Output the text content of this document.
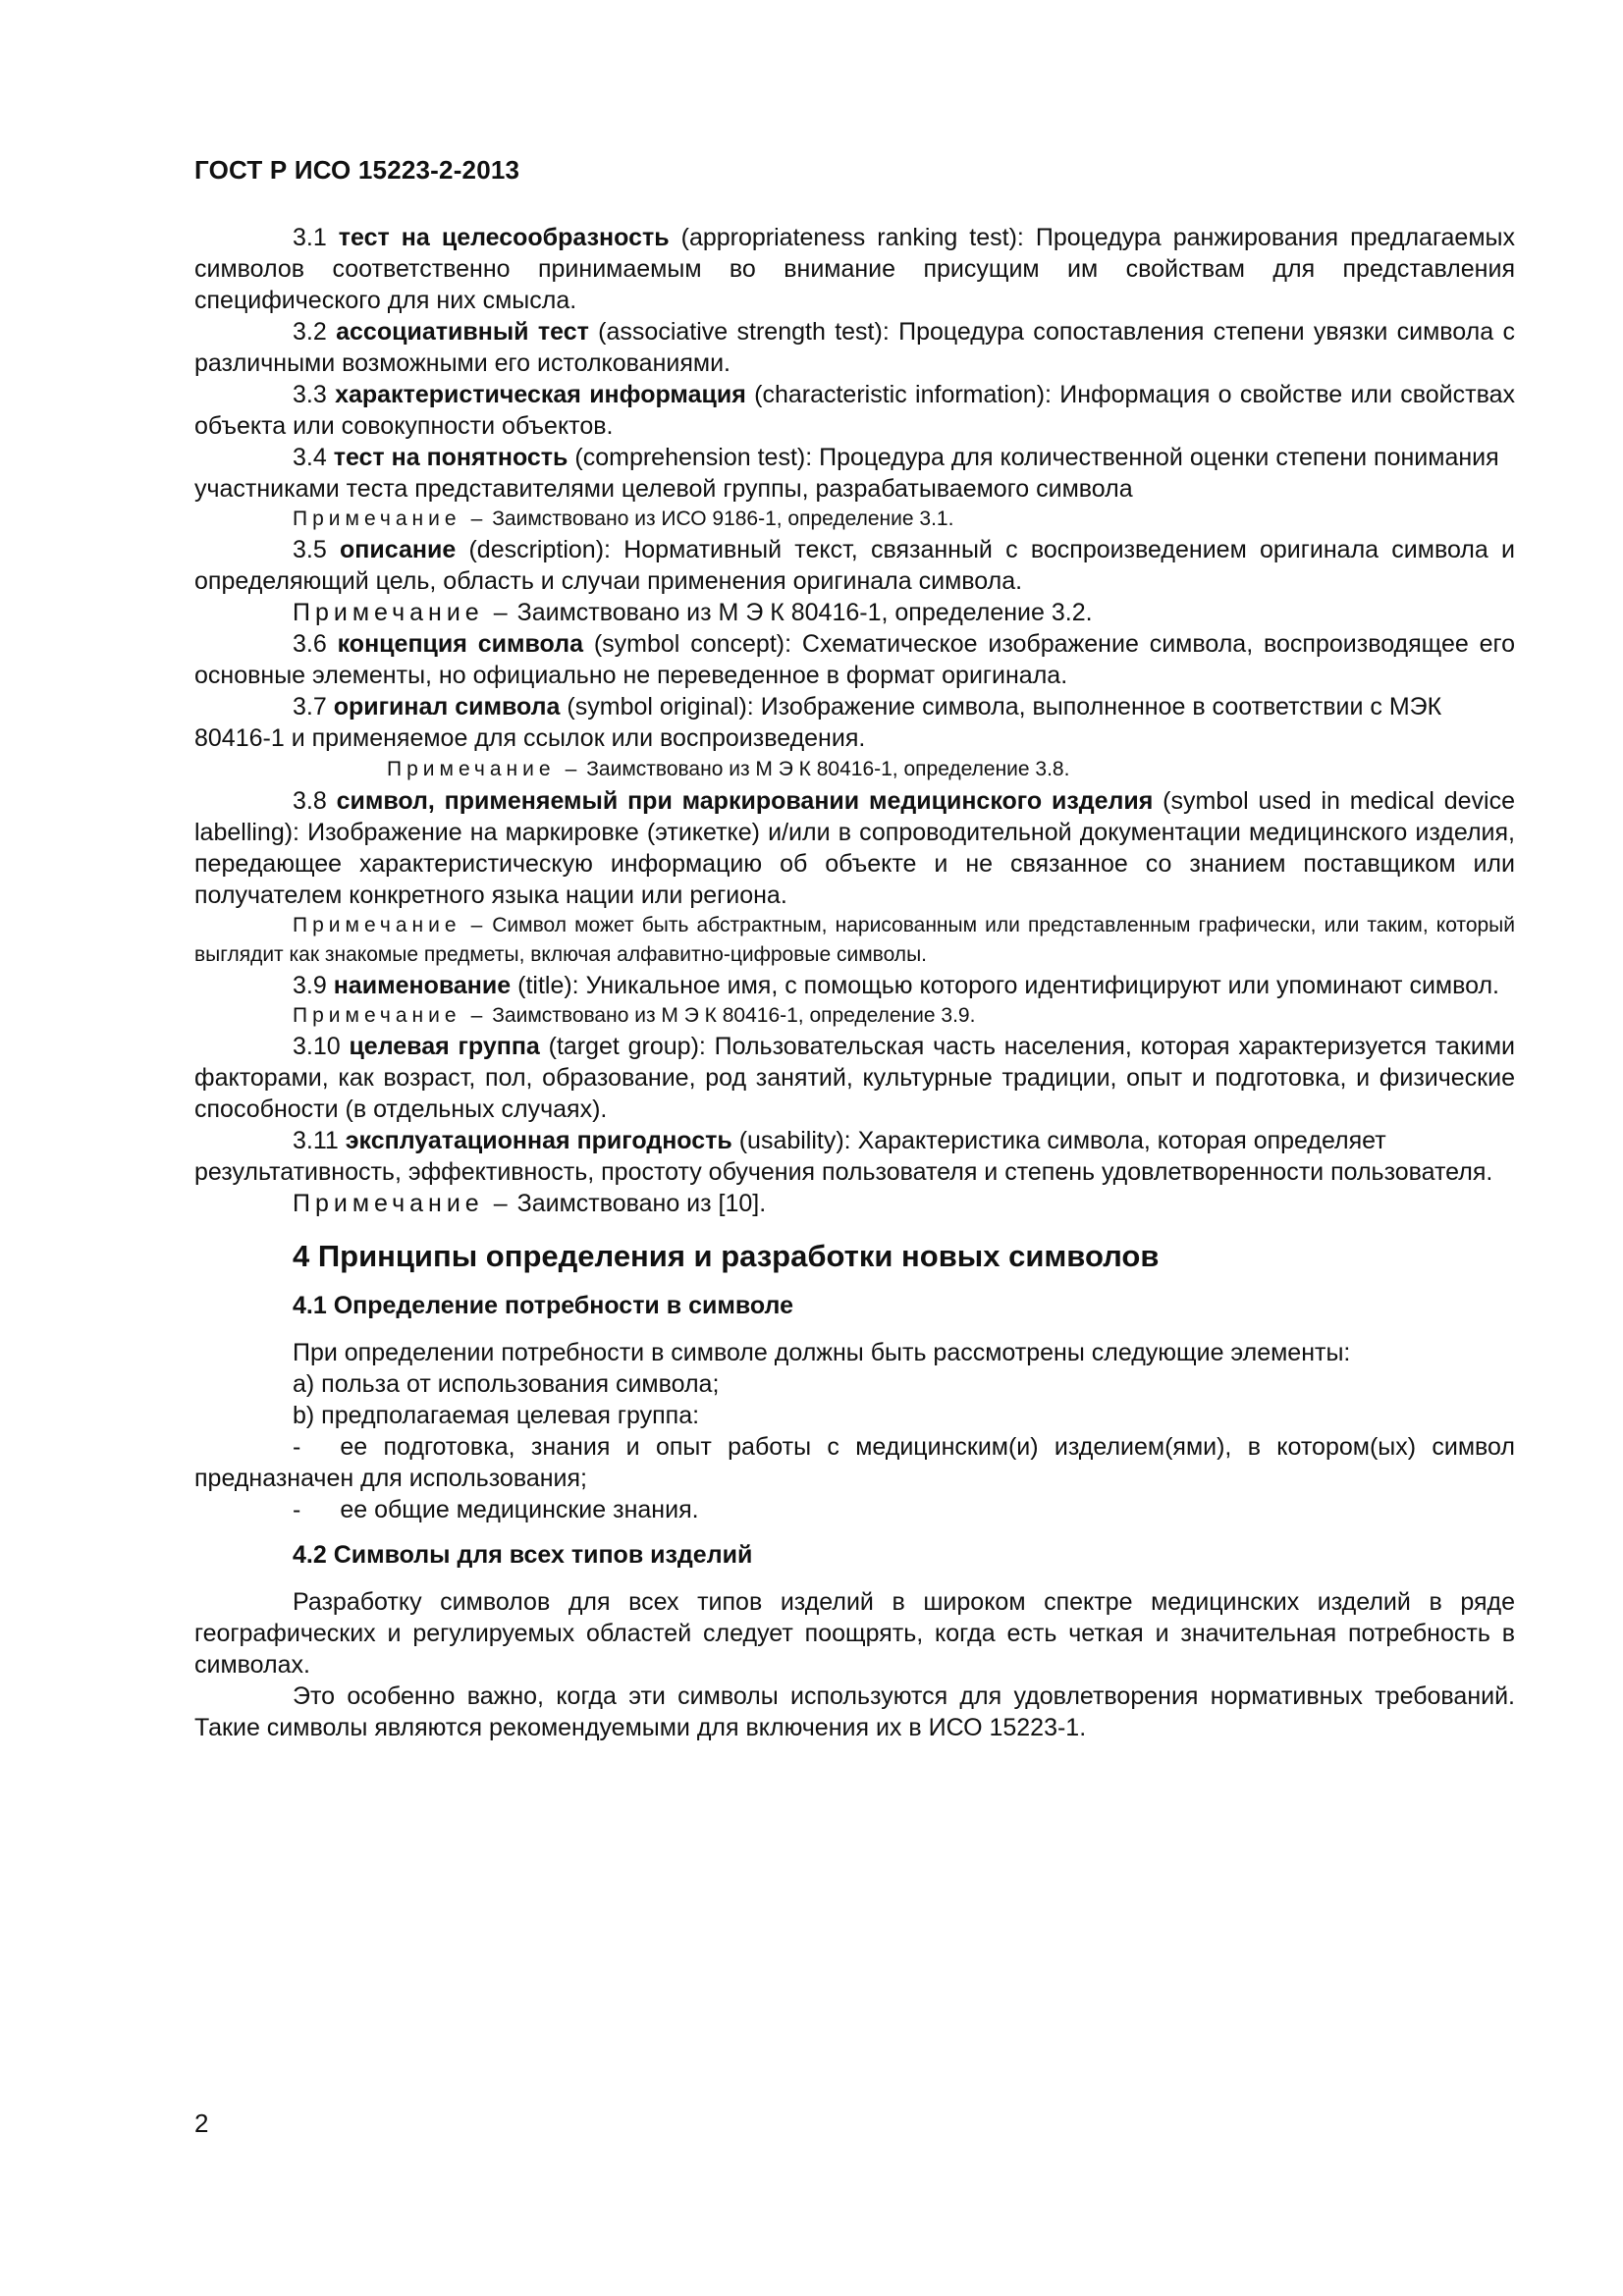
ГОСТ Р ИСО 15223-2-2013

3.1 тест на целесообразность (appropriateness ranking test): Процедура ранжирования предлагаемых символов соответственно принимаемым во внимание присущим им свойствам для представления специфического для них смысла.

3.2 ассоциативный тест (associative strength test): Процедура сопоставления степени увязки символа с различными возможными его истолкованиями.

3.3 характеристическая информация (characteristic information): Информация о свойстве или свойствах объекта или совокупности объектов.

3.4 тест на понятность (comprehension test): Процедура для количественной оценки степени понимания участниками теста представителями целевой группы, разрабатываемого символа

Примечание – Заимствовано из ИСО 9186-1, определение 3.1.

3.5 описание (description): Нормативный текст, связанный с воспроизведением оригинала символа и определяющий цель, область и случаи применения оригинала символа.

Примечание – Заимствовано из М Э К 80416-1, определение 3.2.

3.6 концепция символа (symbol concept): Схематическое изображение символа, воспроизводящее его основные элементы, но официально не переведенное в формат оригинала.

3.7 оригинал символа (symbol original): Изображение символа, выполненное в соответствии с МЭК 80416-1 и применяемое для ссылок или воспроизведения.

Примечание – Заимствовано из М Э К 80416-1, определение 3.8.

3.8 символ, применяемый при маркировании медицинского изделия (symbol used in medical device labelling): Изображение на маркировке (этикетке) и/или в сопроводительной документации медицинского изделия, передающее характеристическую информацию об объекте и не связанное со знанием поставщиком или получателем конкретного языка нации или региона.

Примечание – Символ может быть абстрактным, нарисованным или представленным графически, или таким, который выглядит как знакомые предметы, включая алфавитно-цифровые символы.

3.9 наименование (title): Уникальное имя, с помощью которого идентифицируют или упоминают символ.

Примечание – Заимствовано из М Э К 80416-1, определение 3.9.

3.10 целевая группа (target group): Пользовательская часть населения, которая характеризуется такими факторами, как возраст, пол, образование, род занятий, культурные традиции, опыт и подготовка, и физические способности (в отдельных случаях).

3.11 эксплуатационная пригодность (usability): Характеристика символа, которая определяет результативность, эффективность, простоту обучения пользователя и степень удовлетворенности пользователя.

Примечание – Заимствовано из [10].

4 Принципы определения и разработки новых символов
4.1 Определение потребности в символе

При определении потребности в символе должны быть рассмотрены следующие элементы:

a) польза от использования символа;

b) предполагаемая целевая группа:

- ее подготовка, знания и опыт работы с медицинским(и) изделием(ями), в котором(ых) символ предназначен для использования;

- ее общие медицинские знания.

4.2 Символы для всех типов изделий

Разработку символов для всех типов изделий в широком спектре медицинских изделий в ряде географических и регулируемых областей следует поощрять, когда есть четкая и значительная потребность в символах.

Это особенно важно, когда эти символы используются для удовлетворения нормативных требований. Такие символы являются рекомендуемыми для включения их в ИСО 15223-1.

2
